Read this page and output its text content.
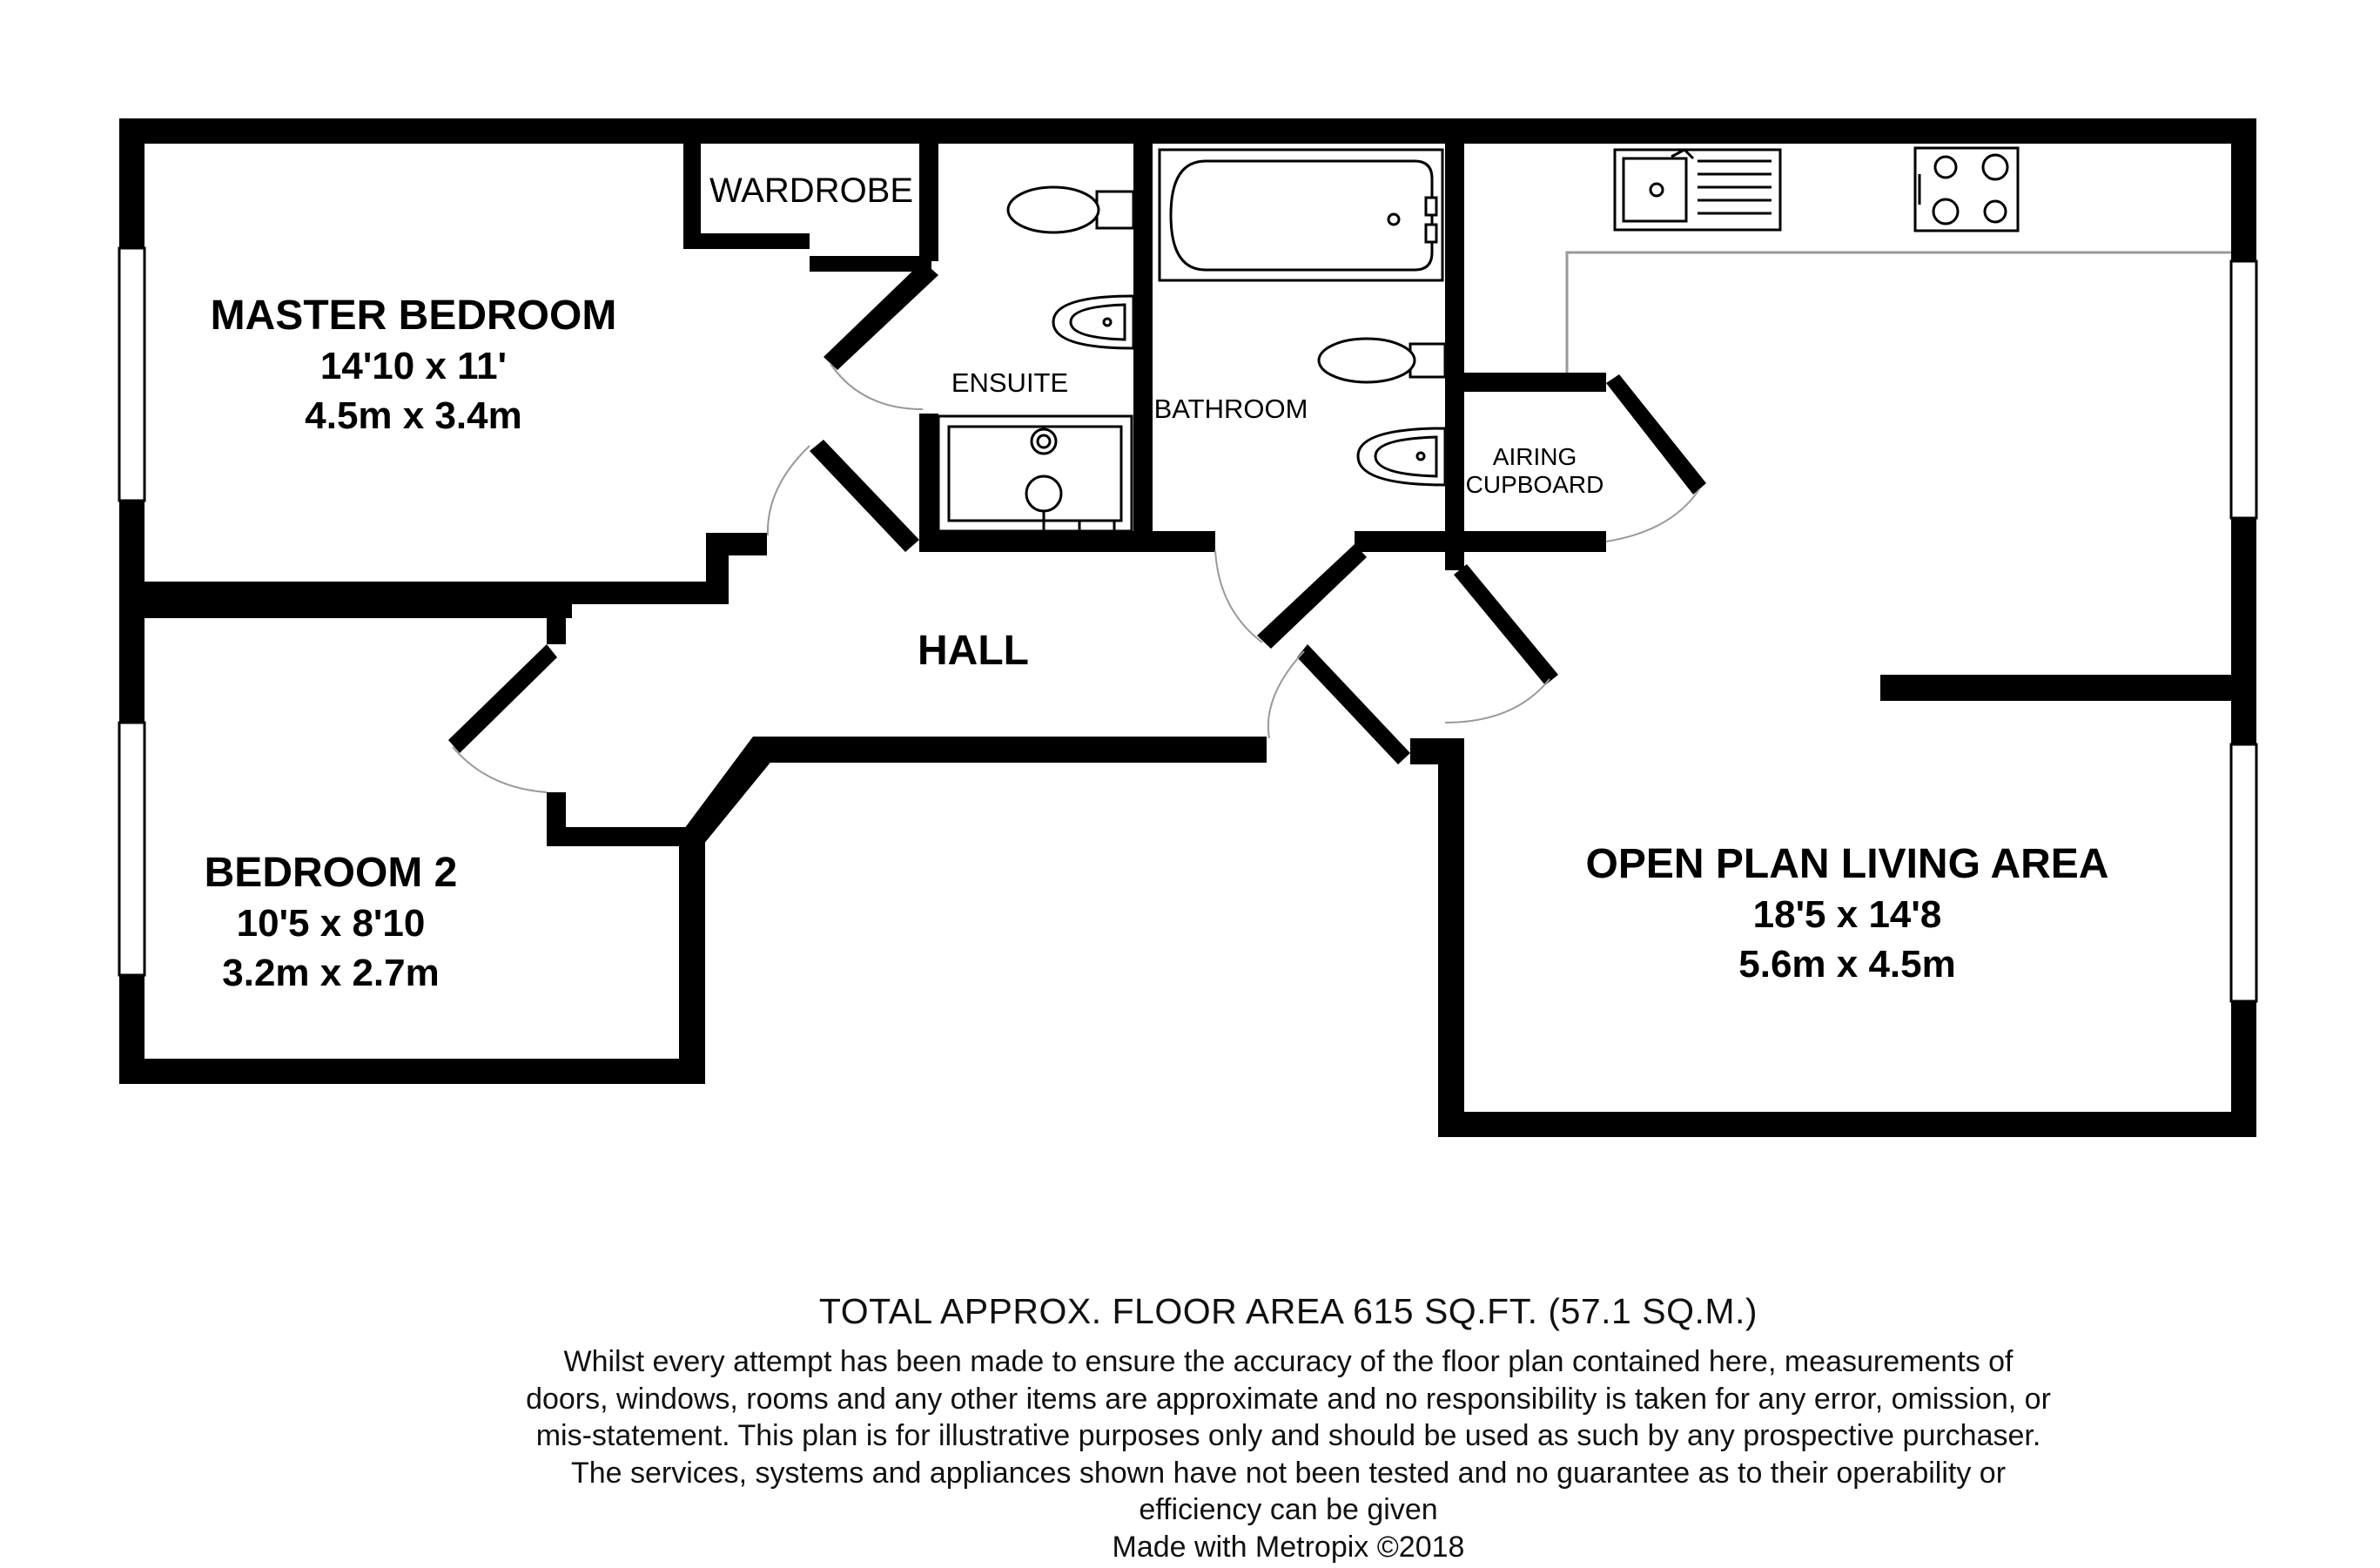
MASTER BEDROOM
14'10 x 11'
4.5m x 3.4m
BEDROOM 2
10'5 x 8'10
3.2m x 2.7m
OPEN PLAN LIVING AREA
18'5 x 14'8
5.6m x 4.5m
HALL
ENSUITE
BATHROOM
WARDROBE
AIRING
CUPBOARD
TOTAL APPROX. FLOOR AREA 615 SQ.FT. (57.1 SQ.M.)
Whilst every attempt has been made to ensure the accuracy of the floor plan contained here, measurements of doors, windows, rooms and any other items are approximate and no responsibility is taken for any error, omission, or mis-statement. This plan is for illustrative purposes only and should be used as such by any prospective purchaser. The services, systems and appliances shown have not been tested and no guarantee as to their operability or efficiency can be given
Made with Metropix ©2018
